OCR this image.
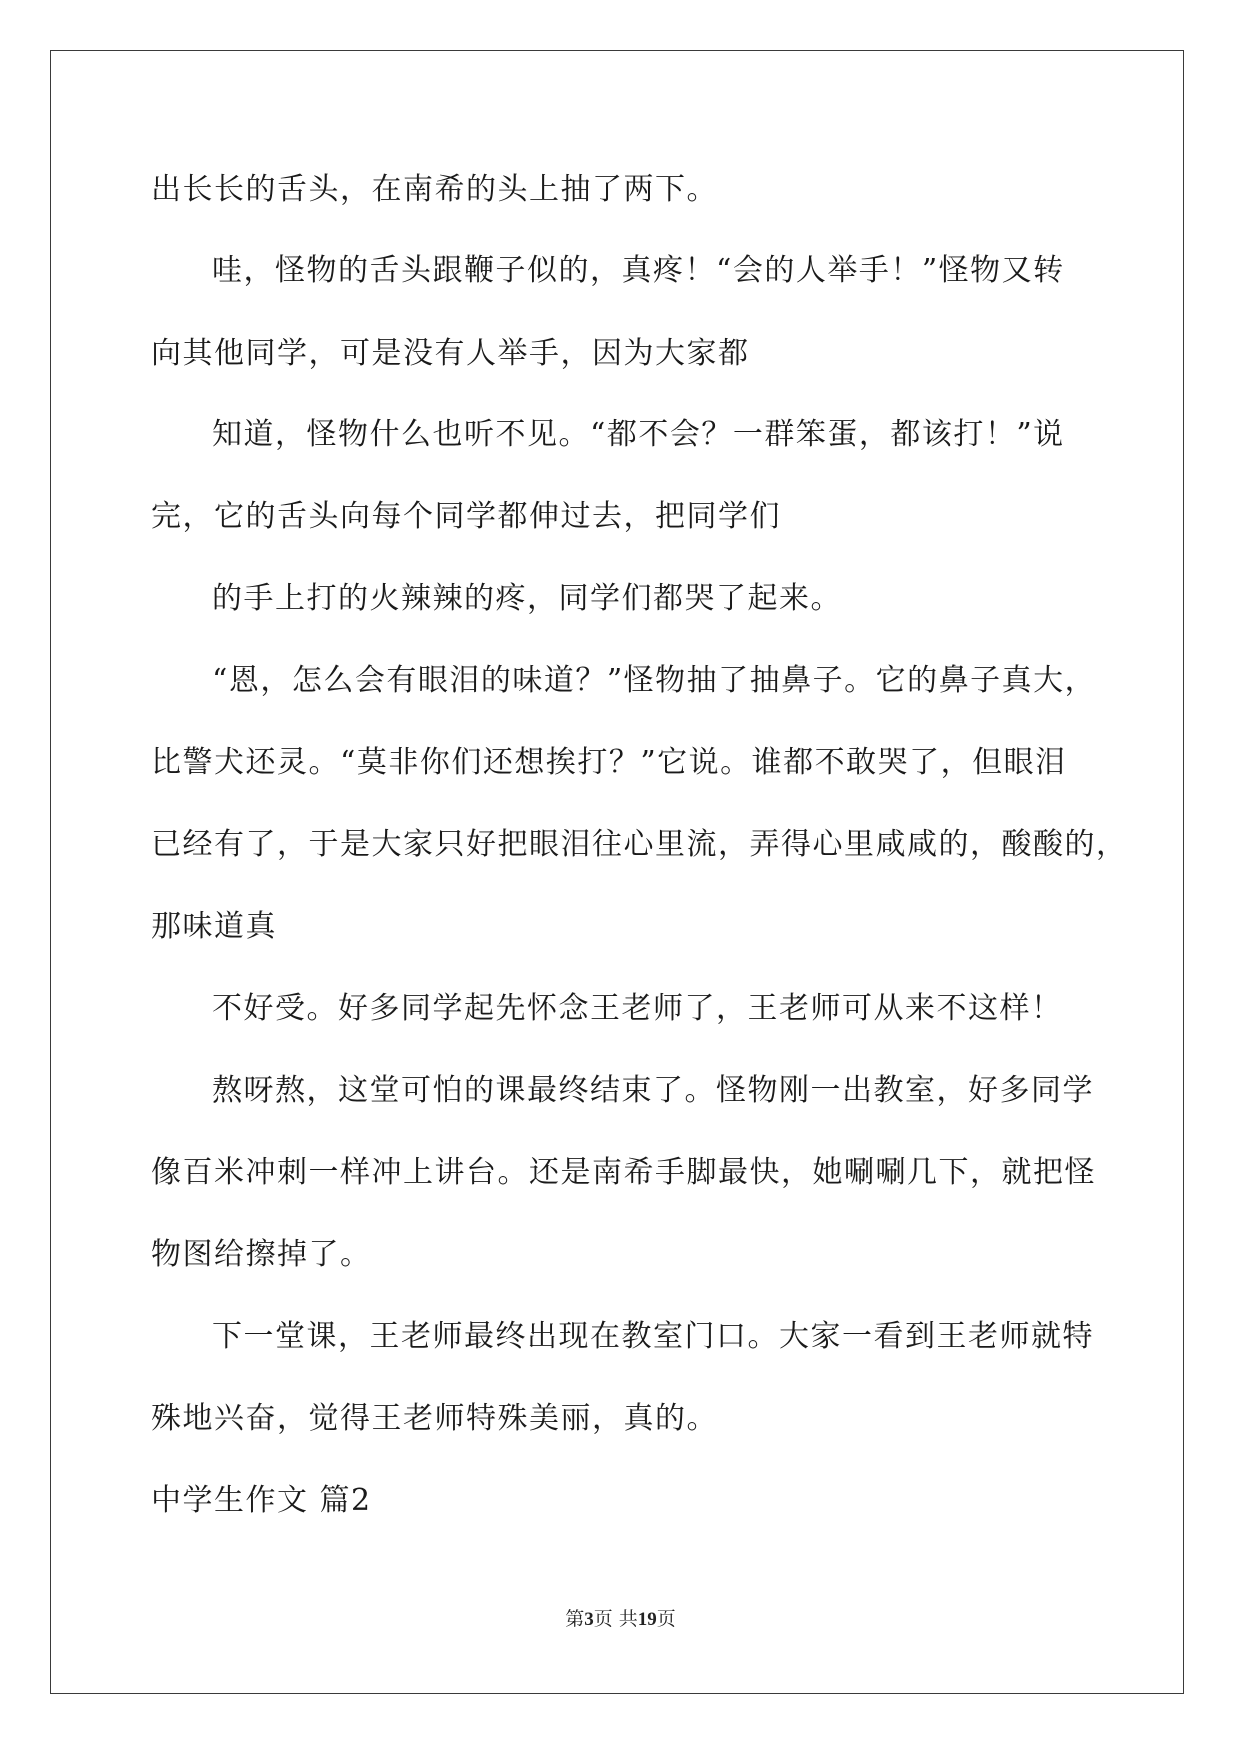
出长长的舌头，在南希的头上抽了两下。

哇，怪物的舌头跟鞭子似的，真疼！“会的人举手！”怪物又转

向其他同学，可是没有人举手，因为大家都

知道，怪物什么也听不见。“都不会？一群笨蛋，都该打！”说

完，它的舌头向每个同学都伸过去，把同学们

的手上打的火辣辣的疼，同学们都哭了起来。

“恩，怎么会有眼泪的味道？”怪物抽了抽鼻子。它的鼻子真大，

比警犬还灵。“莫非你们还想挨打？”它说。谁都不敢哭了，但眼泪

已经有了，于是大家只好把眼泪往心里流，弄得心里咸咸的，酸酸的，

那味道真

不好受。好多同学起先怀念王老师了，王老师可从来不这样！

熬呀熬，这堂可怕的课最终结束了。怪物刚一出教室，好多同学

像百米冲刺一样冲上讲台。还是南希手脚最快，她唰唰几下，就把怪

物图给擦掉了。

下一堂课，王老师最终出现在教室门口。大家一看到王老师就特

殊地兴奋，觉得王老师特殊美丽，真的。

中学生作文 篇2

第3页 共19页
